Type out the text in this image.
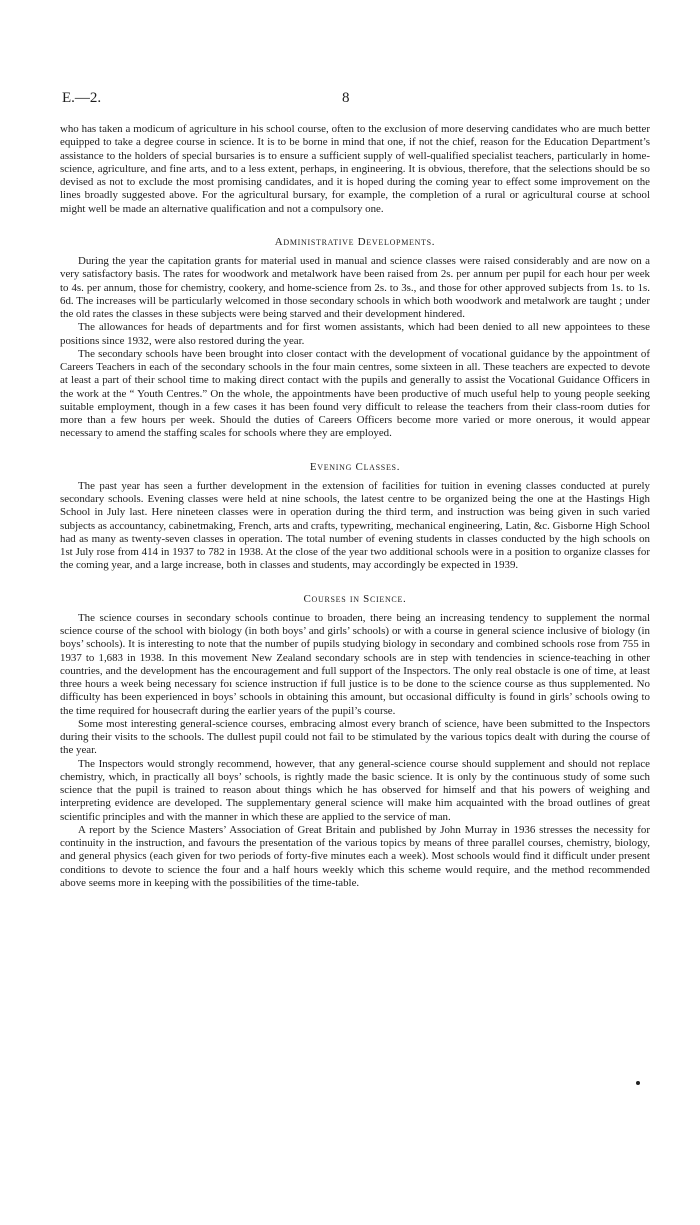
E.—2.	8

who has taken a modicum of agriculture in his school course, often to the exclusion of more deserving candidates who are much better equipped to take a degree course in science. It is to be borne in mind that one, if not the chief, reason for the Education Department’s assistance to the holders of special bursaries is to ensure a sufficient supply of well-qualified specialist teachers, particularly in home-science, agriculture, and fine arts, and to a less extent, perhaps, in engineering. It is obvious, therefore, that the selections should be so devised as not to exclude the most promising candidates, and it is hoped during the coming year to effect some improvement on the lines broadly suggested above. For the agricultural bursary, for example, the completion of a rural or agricultural course at school might well be made an alternative qualification and not a compulsory one.

Administrative Developments.

During the year the capitation grants for material used in manual and science classes were raised considerably and are now on a very satisfactory basis. The rates for woodwork and metalwork have been raised from 2s. per annum per pupil for each hour per week to 4s. per annum, those for chemistry, cookery, and home-science from 2s. to 3s., and those for other approved subjects from 1s. to 1s. 6d. The increases will be particularly welcomed in those secondary schools in which both woodwork and metalwork are taught ; under the old rates the classes in these subjects were being starved and their development hindered.

The allowances for heads of departments and for first women assistants, which had been denied to all new appointees to these positions since 1932, were also restored during the year.

The secondary schools have been brought into closer contact with the development of vocational guidance by the appointment of Careers Teachers in each of the secondary schools in the four main centres, some sixteen in all. These teachers are expected to devote at least a part of their school time to making direct contact with the pupils and generally to assist the Vocational Guidance Officers in the work at the “ Youth Centres.” On the whole, the appointments have been productive of much useful help to young people seeking suitable employment, though in a few cases it has been found very difficult to release the teachers from their class-room duties for more than a few hours per week. Should the duties of Careers Officers become more varied or more onerous, it would appear necessary to amend the staffing scales for schools where they are employed.

Evening Classes.

The past year has seen a further development in the extension of facilities for tuition in evening classes conducted at purely secondary schools. Evening classes were held at nine schools, the latest centre to be organized being the one at the Hastings High School in July last. Here nineteen classes were in operation during the third term, and instruction was being given in such varied subjects as accountancy, cabinetmaking, French, arts and crafts, typewriting, mechanical engineering, Latin, &c. Gisborne High School had as many as twenty-seven classes in operation. The total number of evening students in classes conducted by the high schools on 1st July rose from 414 in 1937 to 782 in 1938. At the close of the year two additional schools were in a position to organize classes for the coming year, and a large increase, both in classes and students, may accordingly be expected in 1939.

Courses in Science.

The science courses in secondary schools continue to broaden, there being an increasing tendency to supplement the normal science course of the school with biology (in both boys’ and girls’ schools) or with a course in general science inclusive of biology (in boys’ schools). It is interesting to note that the number of pupils studying biology in secondary and combined schools rose from 755 in 1937 to 1,683 in 1938. In this movement New Zealand secondary schools are in step with tendencies in science-teaching in other countries, and the development has the encouragement and full support of the Inspectors. The only real obstacle is one of time, at least three hours a week being necessary foı science instruction if full justice is to be done to the science course as thus supplemented. No difficulty has been experienced in boys’ schools in obtaining this amount, but occasional difficulty is found in girls’ schools owing to the time required for housecraft during the earlier years of the pupil’s course.

Some most interesting general-science courses, embracing almost every branch of science, have been submitted to the Inspectors during their visits to the schools. The dullest pupil could not fail to be stimulated by the various topics dealt with during the course of the year.

The Inspectors would strongly recommend, however, that any general-science course should supplement and should not replace chemistry, which, in practically all boys’ schools, is rightly made the basic science. It is only by the continuous study of some such science that the pupil is trained to reason about things which he has observed for himself and that his powers of weighing and interpreting evidence are developed. The supplementary general science will make him acquainted with the broad outlines of great scientific principles and with the manner in which these are applied to the service of man.

A report by the Science Masters’ Association of Great Britain and published by John Murray in 1936 stresses the necessity for continuity in the instruction, and favours the presentation of the various topics by means of three parallel courses, chemistry, biology, and general physics (each given for two periods of forty-five minutes each a week). Most schools would find it difficult under present conditions to devote to science the four and a half hours weekly which this scheme would require, and the method recommended above seems more in keeping with the possibilities of the time-table.
